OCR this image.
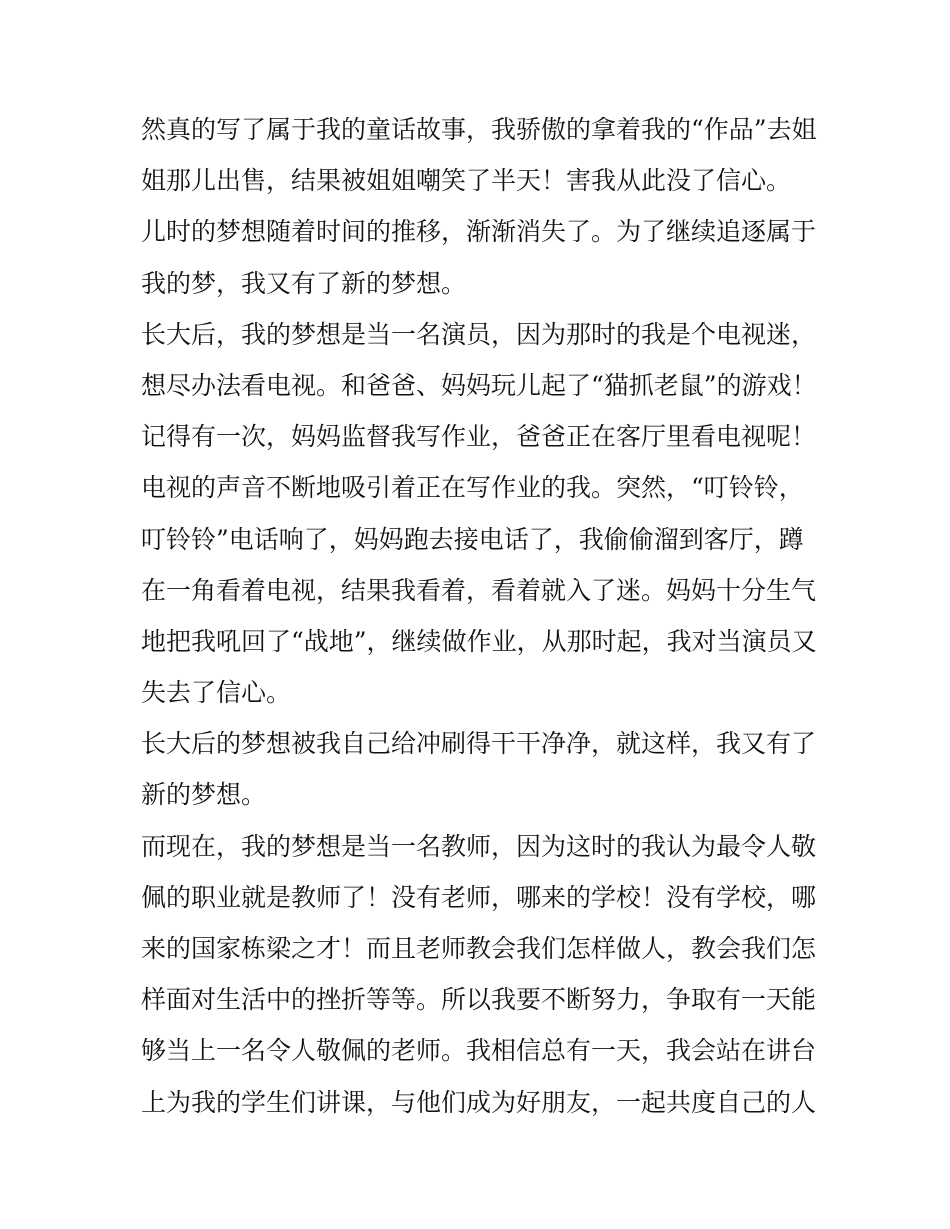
然真的写了属于我的童话故事，我骄傲的拿着我的“作品”去姐
姐那儿出售，结果被姐姐嘲笑了半天！害我从此没了信心。
儿时的梦想随着时间的推移，渐渐消失了。为了继续追逐属于
我的梦，我又有了新的梦想。
长大后，我的梦想是当一名演员，因为那时的我是个电视迷，
想尽办法看电视。和爸爸、妈妈玩儿起了“猫抓老鼠”的游戏！
记得有一次，妈妈监督我写作业，爸爸正在客厅里看电视呢！
电视的声音不断地吸引着正在写作业的我。突然，“叮铃铃，
叮铃铃”电话响了，妈妈跑去接电话了，我偷偷溜到客厅，蹲
在一角看着电视，结果我看着，看着就入了迷。妈妈十分生气
地把我吼回了“战地”，继续做作业，从那时起，我对当演员又
失去了信心。
长大后的梦想被我自己给冲刷得干干净净，就这样，我又有了
新的梦想。
而现在，我的梦想是当一名教师，因为这时的我认为最令人敬
佩的职业就是教师了！没有老师，哪来的学校！没有学校，哪
来的国家栋梁之才！而且老师教会我们怎样做人，教会我们怎
样面对生活中的挫折等等。所以我要不断努力，争取有一天能
够当上一名令人敬佩的老师。我相信总有一天，我会站在讲台
上为我的学生们讲课，与他们成为好朋友，一起共度自己的人
